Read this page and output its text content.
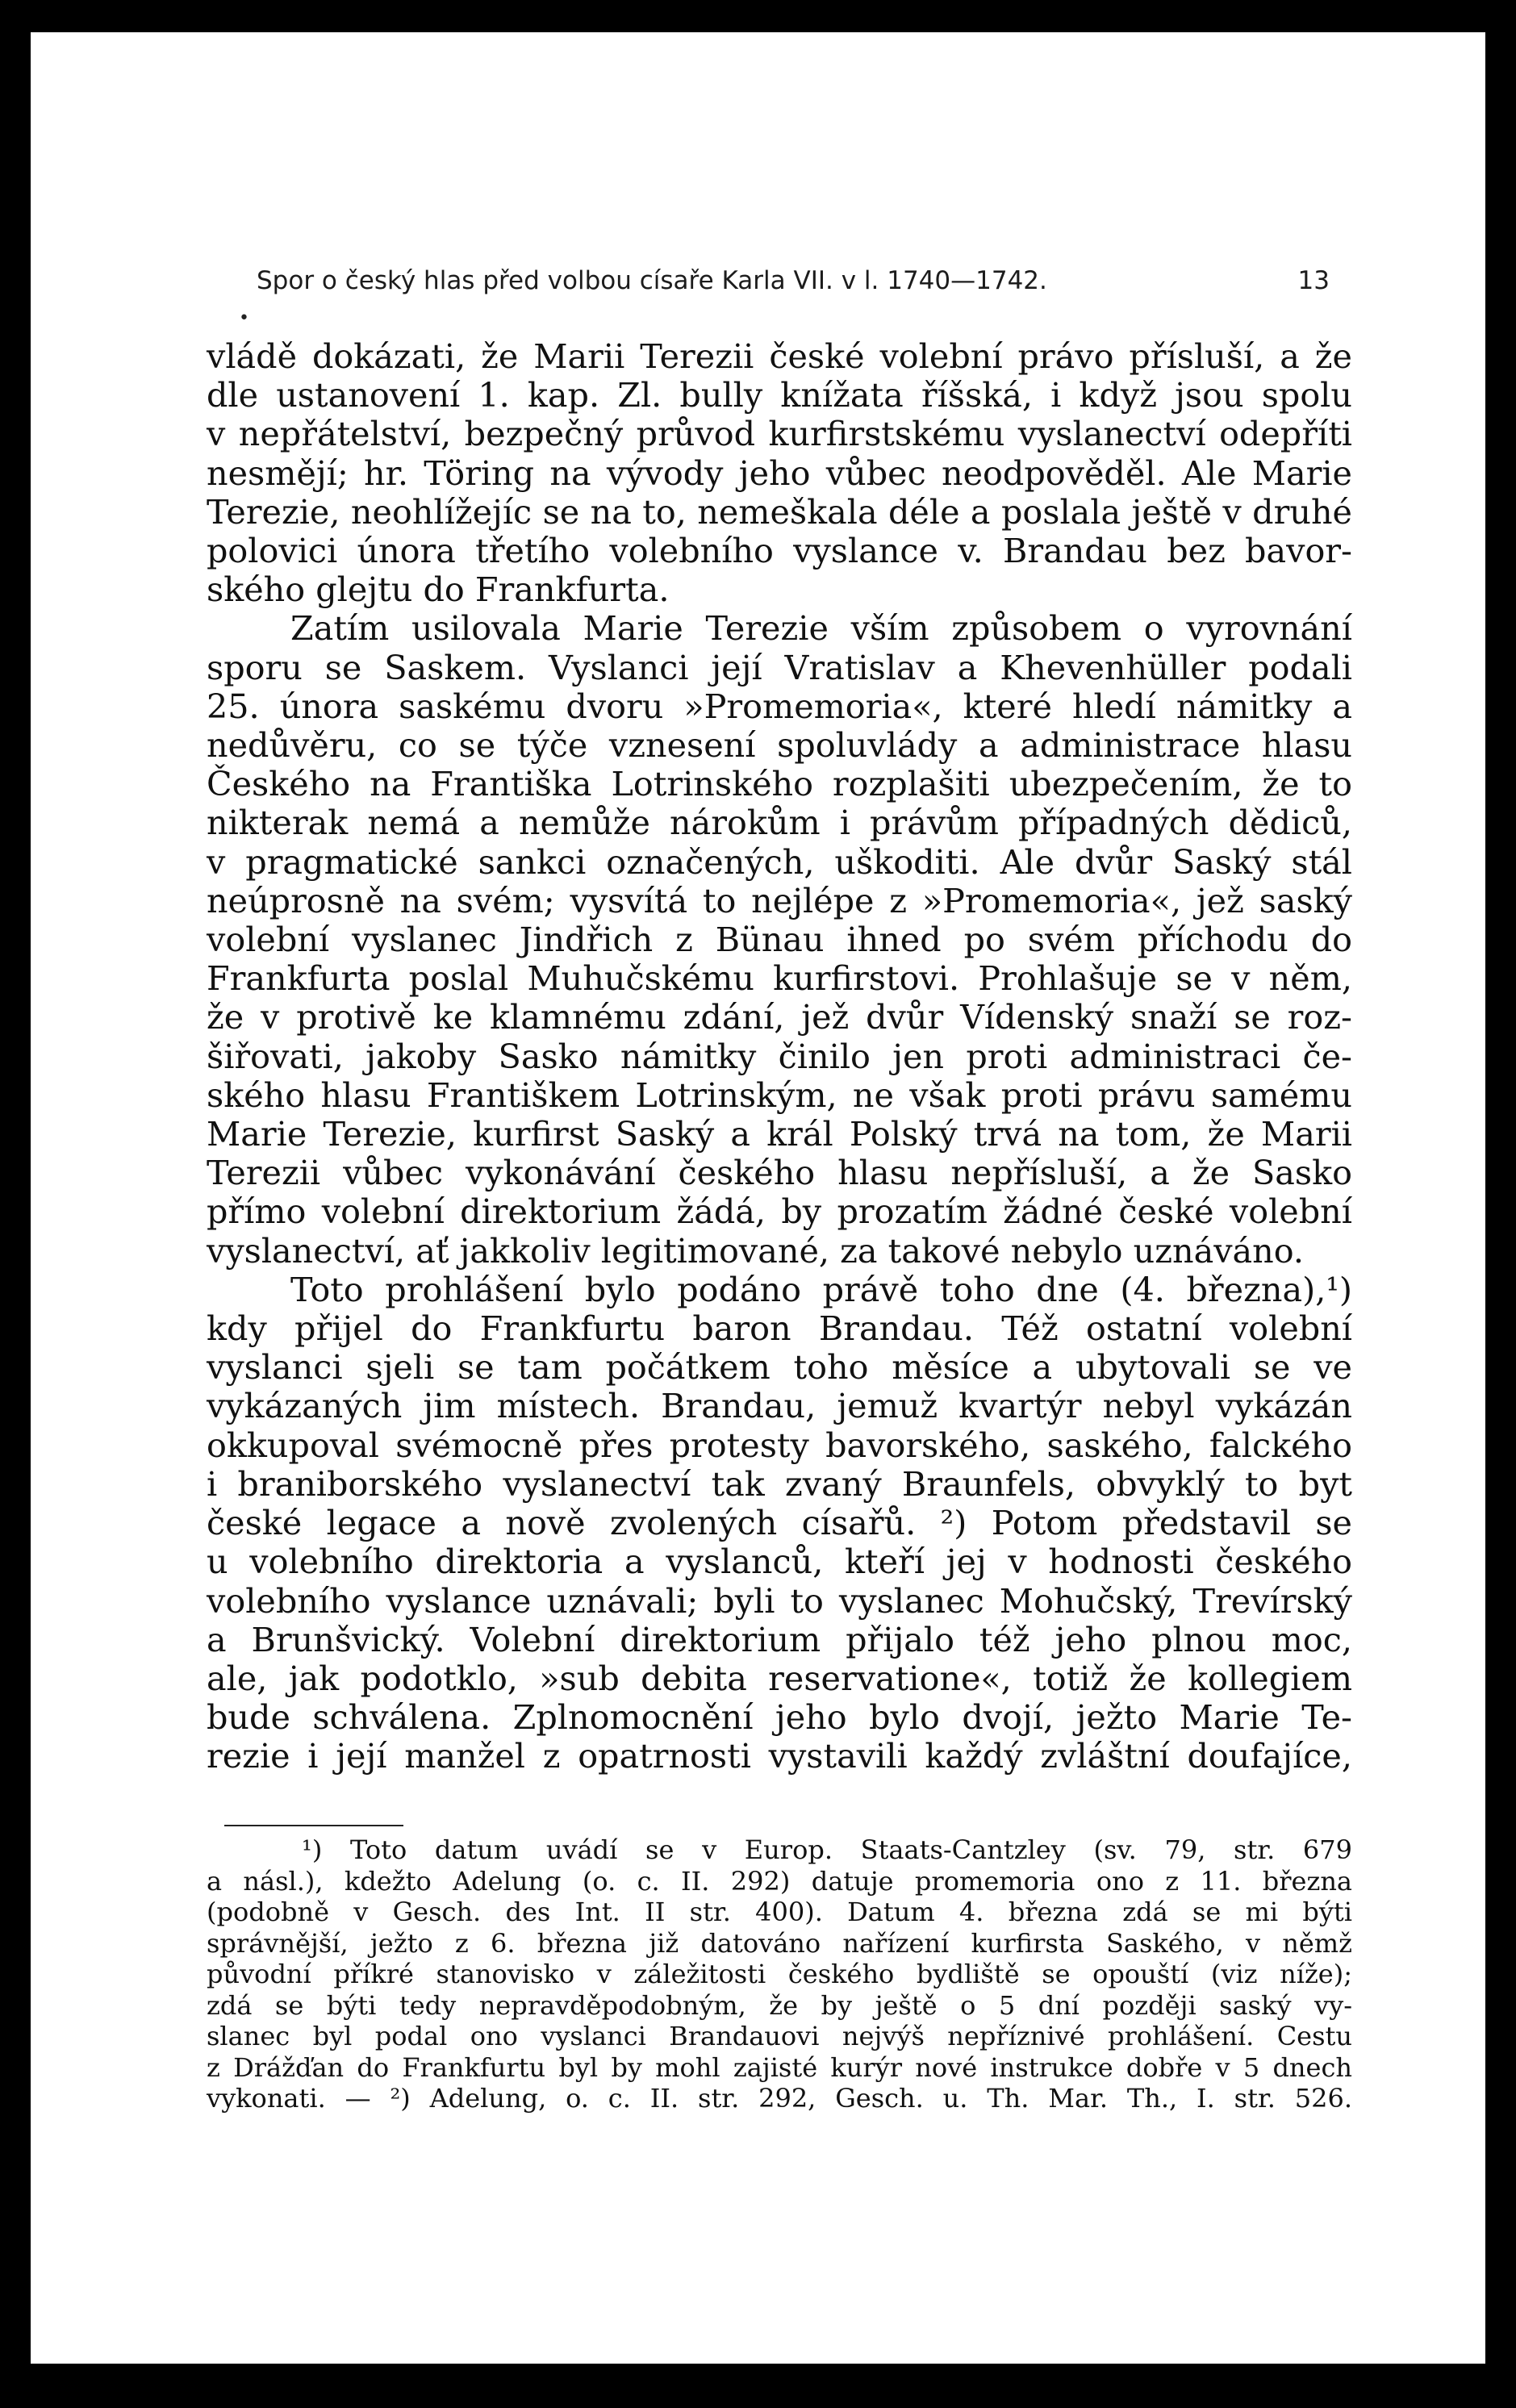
Spor o český hlas před volbou císaře Karla VII. v l. 1740—1742.	13
•
vládě dokázati, že Marii Terezii české volební právo přísluší, a že
dle ustanovení 1. kap. Zl. bully knížata říšská, i když jsou spolu
v nepřátelství, bezpečný průvod kurfirstskému vyslanectví odepříti
nesmějí; hr. Töring na vývody jeho vůbec neodpověděl. Ale Marie
Terezie, neohlížejíc se na to, nemeškala déle a poslala ještě v druhé
polovici února třetího volebního vyslance v. Brandau bez bavor-
ského glejtu do Frankfurta.
Zatím usilovala Marie Terezie vším způsobem o vyrovnání
sporu se Saskem. Vyslanci její Vratislav a Khevenhüller podali
25. února saskému dvoru »Promemoria«, které hledí námitky a
nedůvěru, co se týče vznesení spoluvlády a administrace hlasu
Českého na Františka Lotrinského rozplašiti ubezpečením, že to
nikterak nemá a nemůže nárokům i právům případných dědiců,
v pragmatické sankci označených, uškoditi. Ale dvůr Saský stál
neúprosně na svém; vysvítá to nejlépe z »Promemoria«, jež saský
volební vyslanec Jindřich z Bünau ihned po svém příchodu do
Frankfurta poslal Muhučskému kurfirstovi. Prohlašuje se v něm,
že v protivě ke klamnému zdání, jež dvůr Vídenský snaží se roz-
šiřovati, jakoby Sasko námitky činilo jen proti administraci če-
ského hlasu Františkem Lotrinským, ne však proti právu samému
Marie Terezie, kurfirst Saský a král Polský trvá na tom, že Marii
Terezii vůbec vykonávání českého hlasu nepřísluší, a že Sasko
přímo volební direktorium žádá, by prozatím žádné české volební
vyslanectví, ať jakkoliv legitimované, za takové nebylo uznáváno.
Toto prohlášení bylo podáno právě toho dne (4. března),¹)
kdy přijel do Frankfurtu baron Brandau. Též ostatní volební
vyslanci sjeli se tam počátkem toho měsíce a ubytovali se ve
vykázaných jim místech. Brandau, jemuž kvartýr nebyl vykázán
okkupoval svémocně přes protesty bavorského, saského, falckého
i braniborského vyslanectví tak zvaný Braunfels, obvyklý to byt
české legace a nově zvolených císařů. ²) Potom představil se
u volebního direktoria a vyslanců, kteří jej v hodnosti českého
volebního vyslance uznávali; byli to vyslanec Mohučský, Trevírský
a Brunšvický. Volební direktorium přijalo též jeho plnou moc,
ale, jak podotklo, »sub debita reservatione«, totiž že kollegiem
bude schválena. Zplnomocnění jeho bylo dvojí, ježto Marie Te-
rezie i její manžel z opatrnosti vystavili každý zvláštní doufajíce,
¹) Toto datum uvádí se v Europ. Staats-Cantzley (sv. 79, str. 679
a násl.), kdežto Adelung (o. c. II. 292) datuje promemoria ono z 11. března
(podobně v Gesch. des Int. II str. 400). Datum 4. března zdá se mi býti
správnější, ježto z 6. března již datováno nařízení kurfirsta Saského, v němž
původní příkré stanovisko v záležitosti českého bydliště se opouští (viz níže);
zdá se býti tedy nepravděpodobným, že by ještě o 5 dní později saský vy-
slanec byl podal ono vyslanci Brandauovi nejvýš nepříznivé prohlášení. Cestu
z Drážďan do Frankfurtu byl by mohl zajisté kurýr nové instrukce dobře v 5 dnech
vykonati. — ²) Adelung, o. c. II. str. 292, Gesch. u. Th. Mar. Th., I. str. 526.
